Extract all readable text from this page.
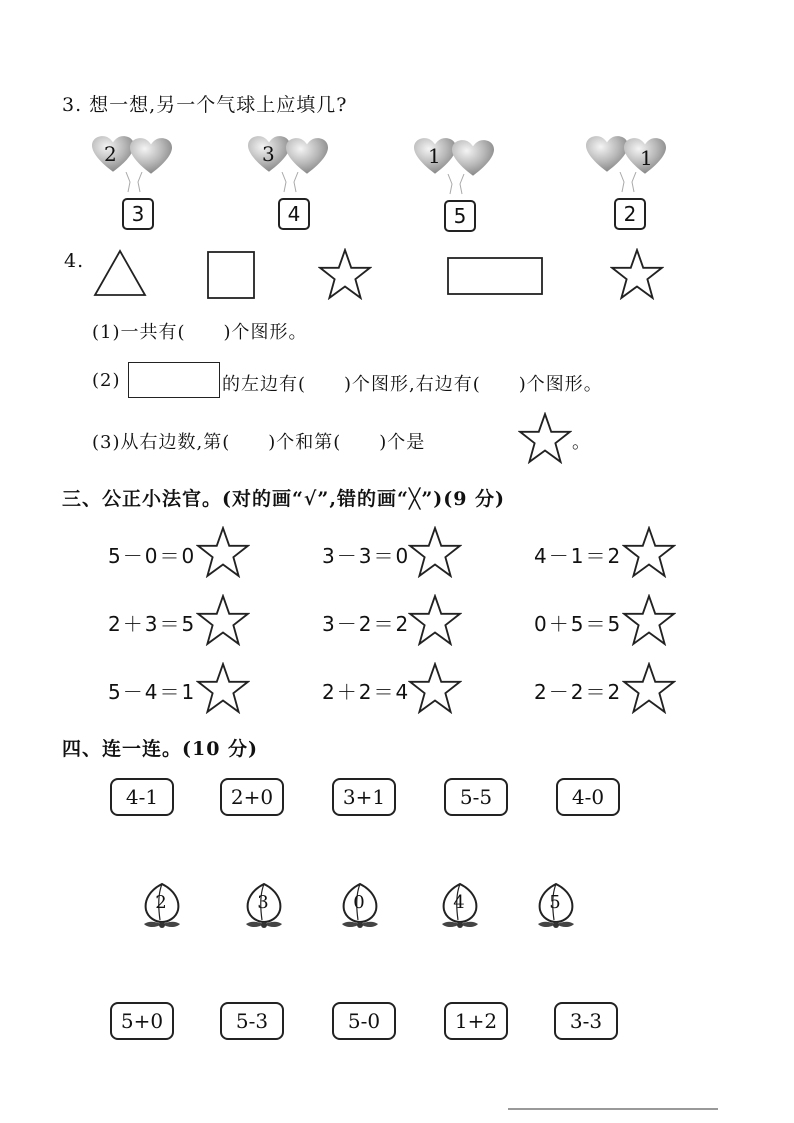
3. 想一想,另一个气球上应填几?
2
3
3
4
1
5
1
2
4.
(1)一共有(　　)个图形。
(2)	的左边有(　　)个图形,右边有(　　)个图形。
(3)从右边数,第(　　)个和第(　　)个是	。
三、公正小法官。(对的画“√”,错的画“╳”)(9 分)
5－0＝0	3－3＝0	4－1＝2
2＋3＝5	3－2＝2	0＋5＝5
5－4＝1	2＋2＝4	2－2＝2
四、连一连。(10 分)
4-1	2+0	3+1	5-5	4-0
2	3	0	4	5
5+0	5-3	5-0	1+2	3-3
